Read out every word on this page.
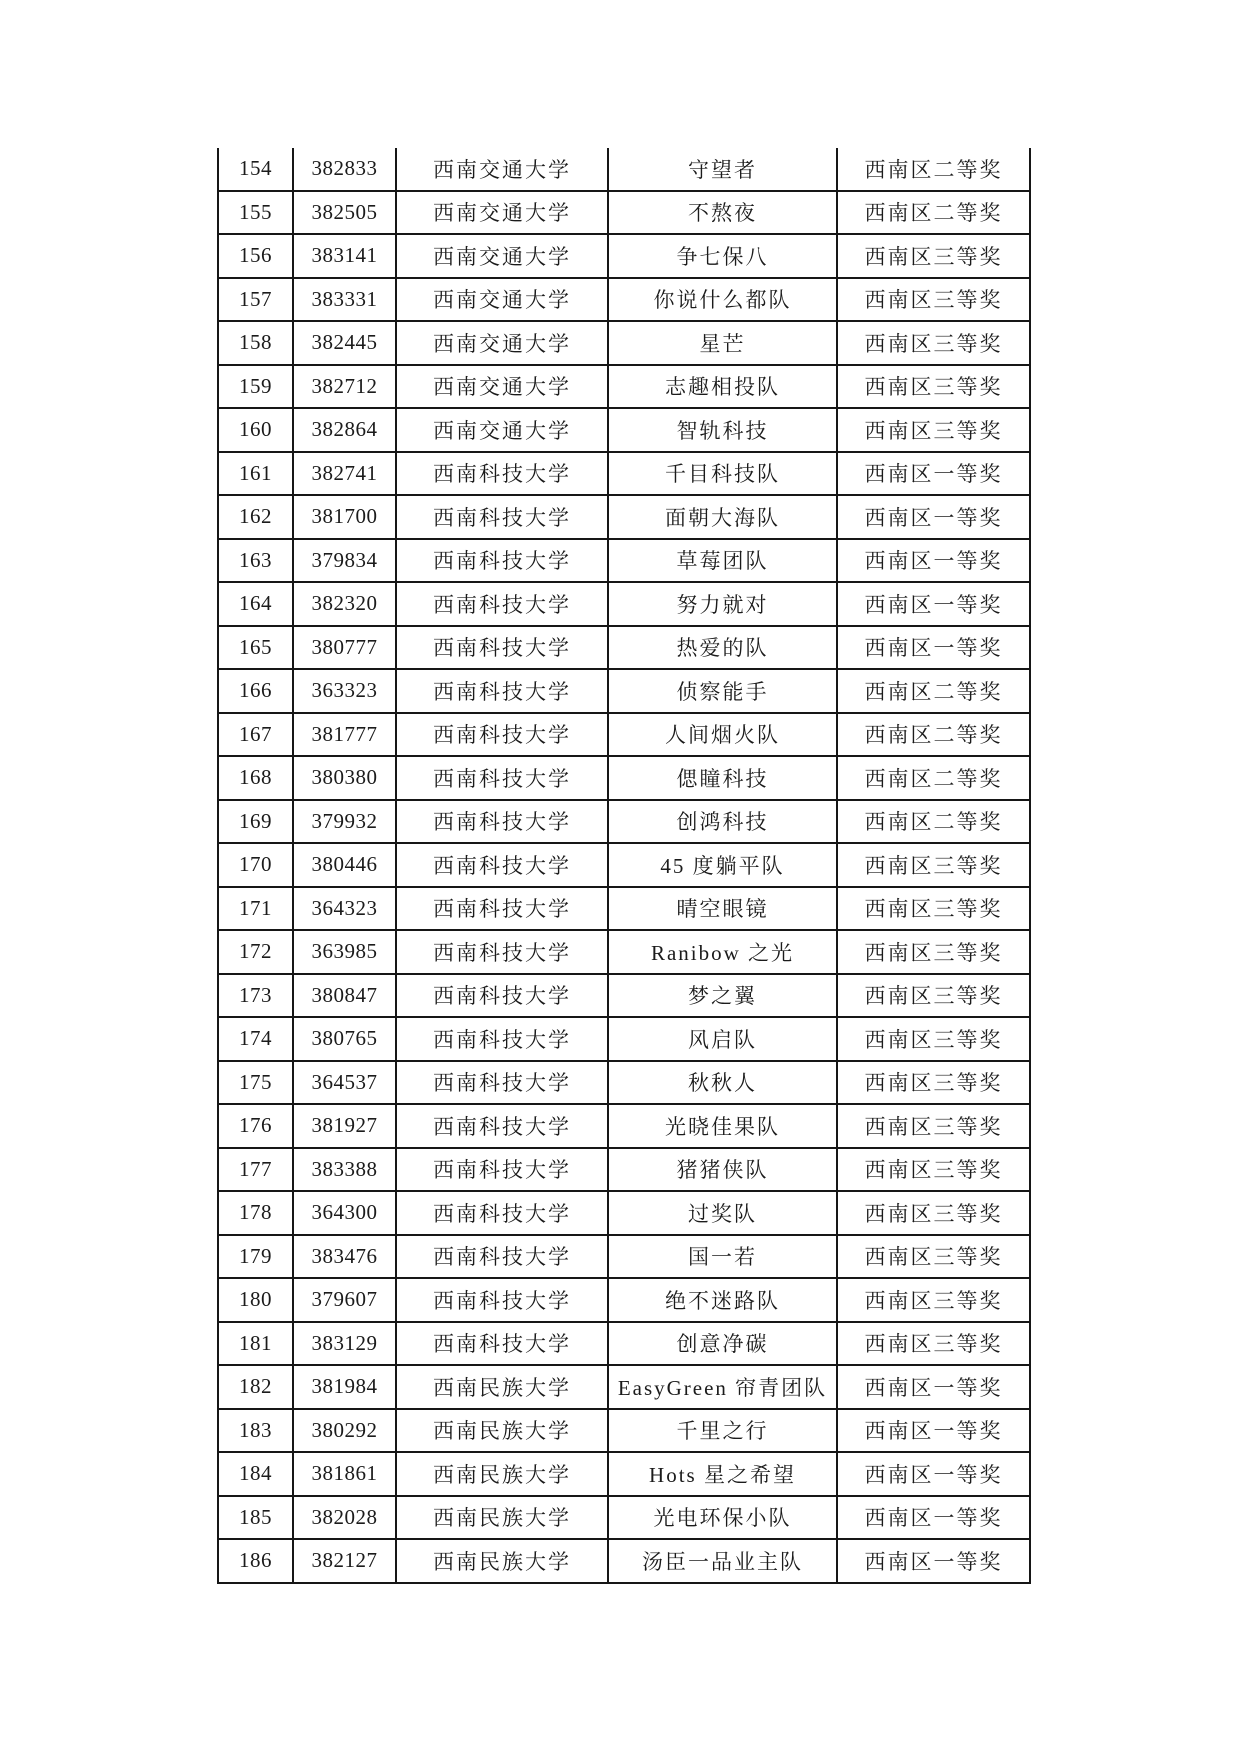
154	382833	西南交通大学	守望者	西南区二等奖
155	382505	西南交通大学	不熬夜	西南区二等奖
156	383141	西南交通大学	争七保八	西南区三等奖
157	383331	西南交通大学	你说什么都队	西南区三等奖
158	382445	西南交通大学	星芒	西南区三等奖
159	382712	西南交通大学	志趣相投队	西南区三等奖
160	382864	西南交通大学	智轨科技	西南区三等奖
161	382741	西南科技大学	千目科技队	西南区一等奖
162	381700	西南科技大学	面朝大海队	西南区一等奖
163	379834	西南科技大学	草莓团队	西南区一等奖
164	382320	西南科技大学	努力就对	西南区一等奖
165	380777	西南科技大学	热爱的队	西南区一等奖
166	363323	西南科技大学	侦察能手	西南区二等奖
167	381777	西南科技大学	人间烟火队	西南区二等奖
168	380380	西南科技大学	偲瞳科技	西南区二等奖
169	379932	西南科技大学	创鸿科技	西南区二等奖
170	380446	西南科技大学	45 度躺平队	西南区三等奖
171	364323	西南科技大学	晴空眼镜	西南区三等奖
172	363985	西南科技大学	Ranibow 之光	西南区三等奖
173	380847	西南科技大学	梦之翼	西南区三等奖
174	380765	西南科技大学	风启队	西南区三等奖
175	364537	西南科技大学	秋秋人	西南区三等奖
176	381927	西南科技大学	光晓佳果队	西南区三等奖
177	383388	西南科技大学	猪猪侠队	西南区三等奖
178	364300	西南科技大学	过奖队	西南区三等奖
179	383476	西南科技大学	国一若	西南区三等奖
180	379607	西南科技大学	绝不迷路队	西南区三等奖
181	383129	西南科技大学	创意净碳	西南区三等奖
182	381984	西南民族大学	EasyGreen 帘青团队	西南区一等奖
183	380292	西南民族大学	千里之行	西南区一等奖
184	381861	西南民族大学	Hots 星之希望	西南区一等奖
185	382028	西南民族大学	光电环保小队	西南区一等奖
186	382127	西南民族大学	汤臣一品业主队	西南区一等奖
